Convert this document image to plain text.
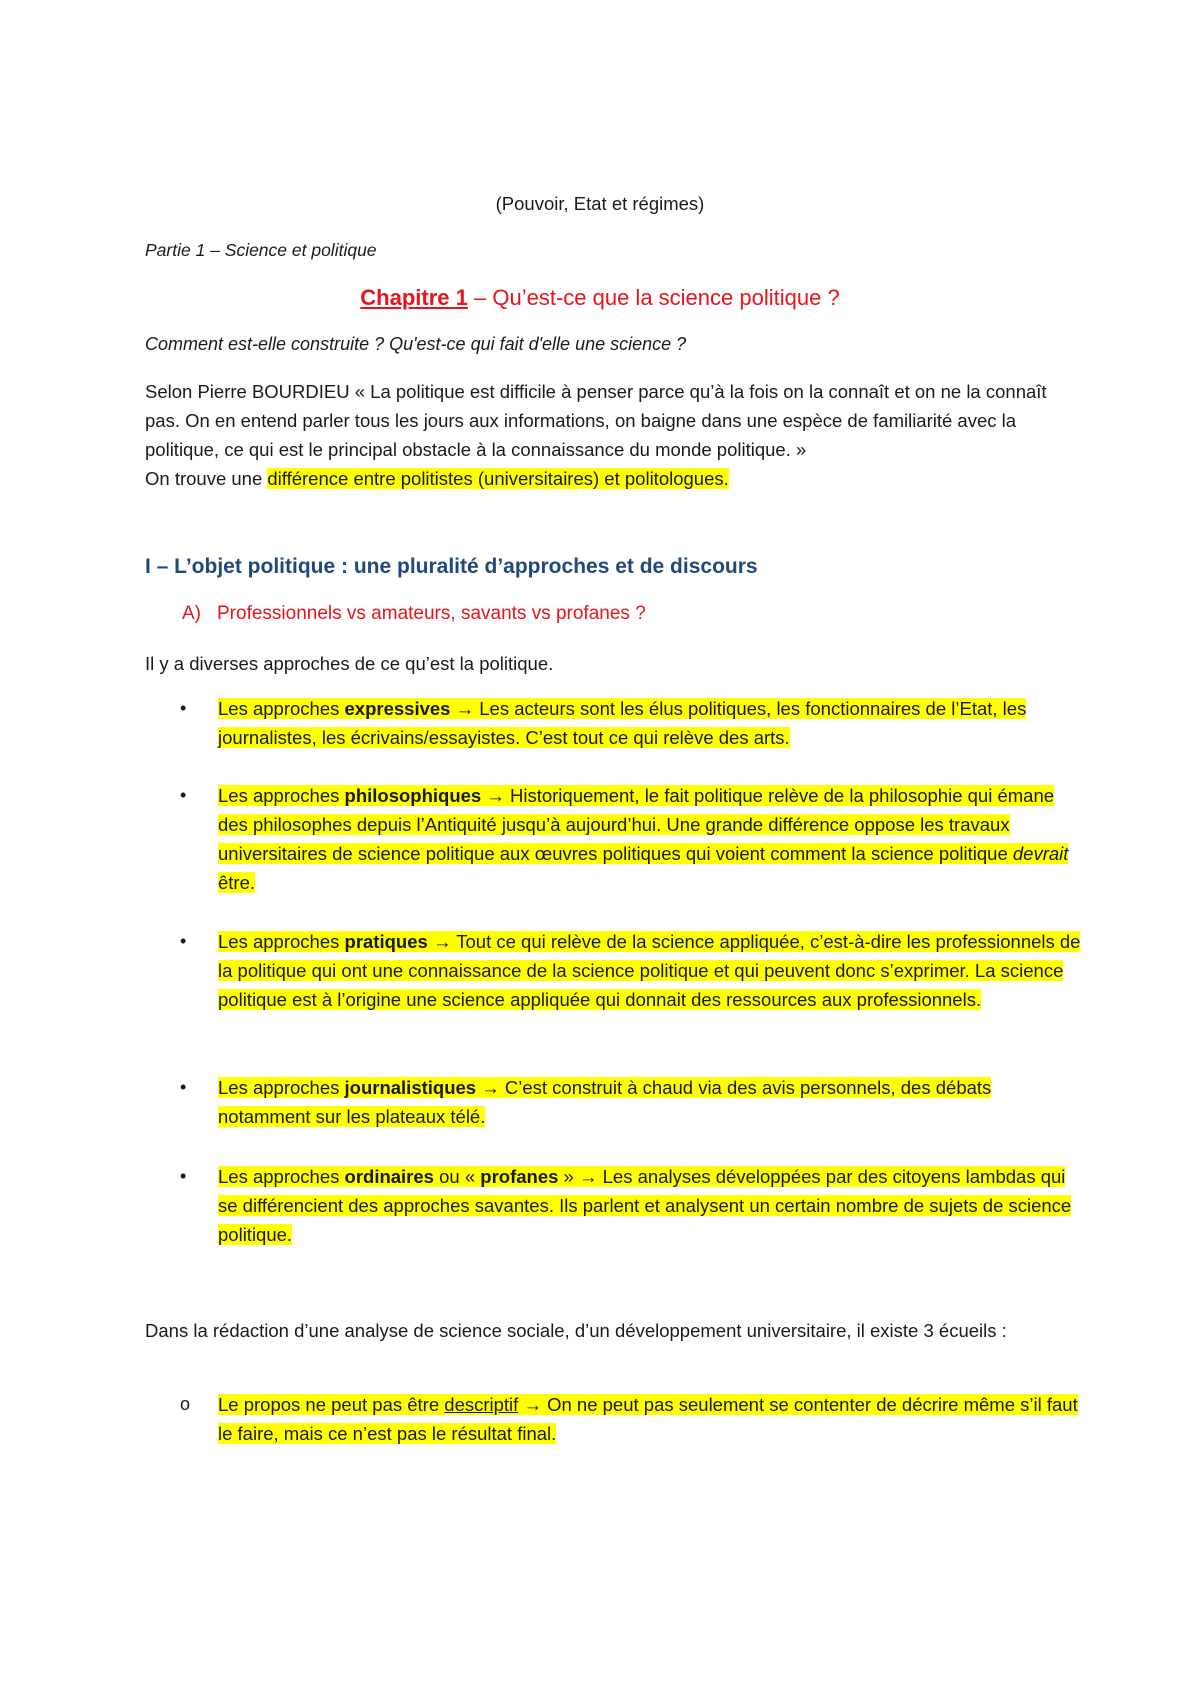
(Pouvoir, Etat et régimes)

Partie 1 – Science et politique

Chapitre 1 – Qu’est-ce que la science politique ?

Comment est-elle construite ? Qu'est-ce qui fait d'elle une science ?

Selon Pierre BOURDIEU « La politique est difficile à penser parce qu’à la fois on la connaît et on ne la connaît pas. On en entend parler tous les jours aux informations, on baigne dans une espèce de familiarité avec la politique, ce qui est le principal obstacle à la connaissance du monde politique. »
On trouve une différence entre politistes (universitaires) et politologues.

I – L’objet politique : une pluralité d’approches et de discours

A) Professionnels vs amateurs, savants vs profanes ?

Il y a diverses approches de ce qu’est la politique.

• Les approches expressives → Les acteurs sont les élus politiques, les fonctionnaires de l’Etat, les journalistes, les écrivains/essayistes. C’est tout ce qui relève des arts.
• Les approches philosophiques → Historiquement, le fait politique relève de la philosophie qui émane des philosophes depuis l’Antiquité jusqu’à aujourd’hui. Une grande différence oppose les travaux universitaires de science politique aux œuvres politiques qui voient comment la science politique devrait être.
• Les approches pratiques → Tout ce qui relève de la science appliquée, c’est-à-dire les professionnels de la politique qui ont une connaissance de la science politique et qui peuvent donc s’exprimer. La science politique est à l’origine une science appliquée qui donnait des ressources aux professionnels.
• Les approches journalistiques → C’est construit à chaud via des avis personnels, des débats notamment sur les plateaux télé.
• Les approches ordinaires ou « profanes » → Les analyses développées par des citoyens lambdas qui se différencient des approches savantes. Ils parlent et analysent un certain nombre de sujets de science politique.

Dans la rédaction d’une analyse de science sociale, d’un développement universitaire, il existe 3 écueils :

o Le propos ne peut pas être descriptif → On ne peut pas seulement se contenter de décrire même s’il faut le faire, mais ce n’est pas le résultat final.
